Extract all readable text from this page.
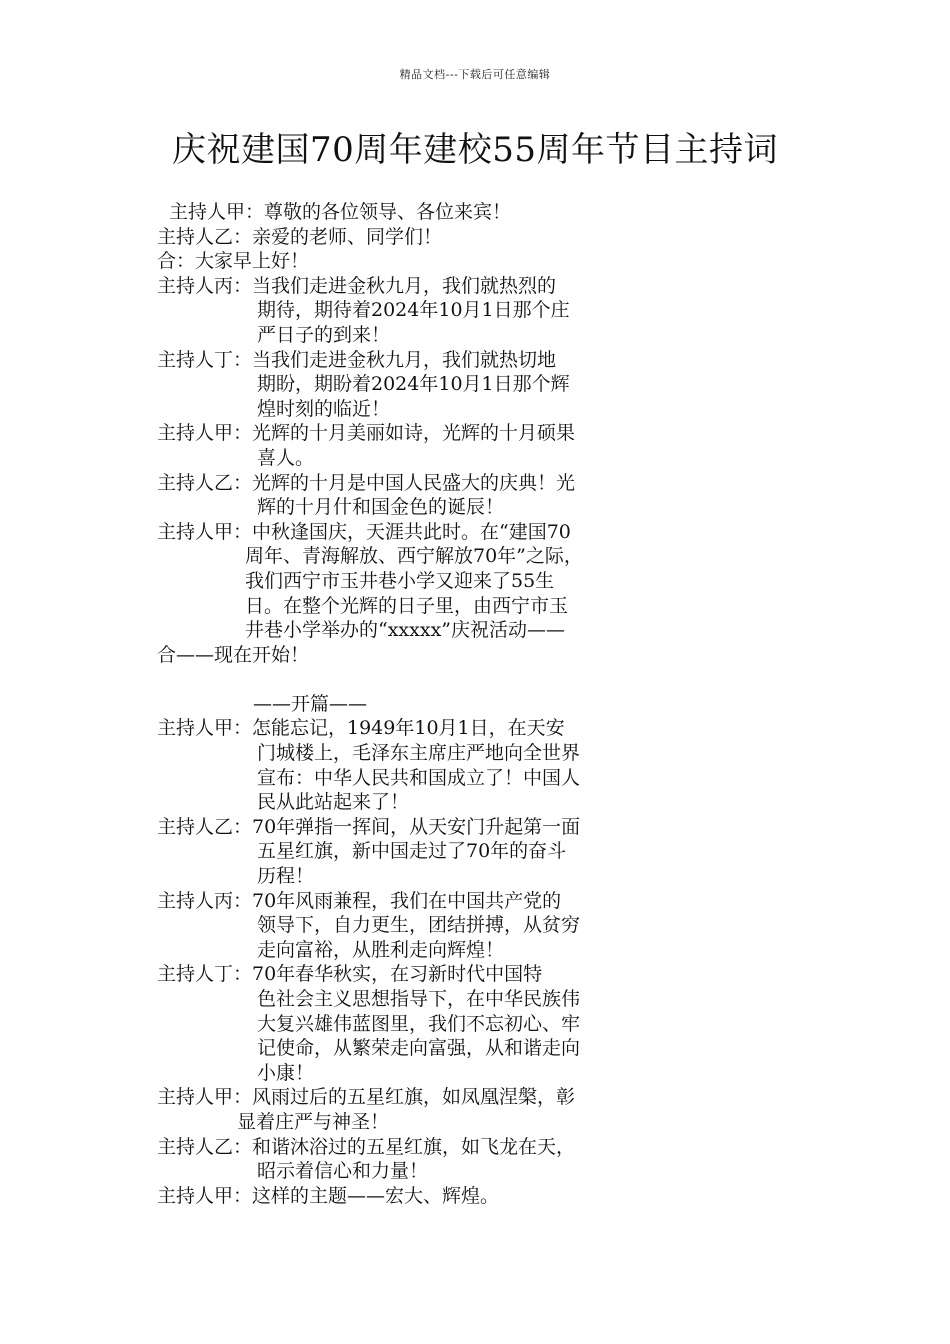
精品文档---下载后可任意编辑
庆祝建国70周年建校55周年节目主持词
主持人甲：尊敬的各位领导、各位来宾！
主持人乙：亲爱的老师、同学们！
合：大家早上好！
主持人丙：当我们走进金秋九月，我们就热烈的
期待，期待着2024年10月1日那个庄
严日子的到来！
主持人丁：当我们走进金秋九月，我们就热切地
期盼，期盼着2024年10月1日那个辉
煌时刻的临近！
主持人甲：光辉的十月美丽如诗，光辉的十月硕果
喜人。
主持人乙：光辉的十月是中国人民盛大的庆典！光
辉的十月什和国金色的诞辰！
主持人甲：中秋逢国庆，天涯共此时。在“建国70
周年、青海解放、西宁解放70年”之际，
我们西宁市玉井巷小学又迎来了55生
日。在整个光辉的日子里，由西宁市玉
井巷小学举办的“xxxxx”庆祝活动——
合——现在开始！
——开篇——
主持人甲：怎能忘记，1949年10月1日，在天安
门城楼上，毛泽东主席庄严地向全世界
宣布：中华人民共和国成立了！中国人
民从此站起来了！
主持人乙：70年弹指一挥间，从天安门升起第一面
五星红旗，新中国走过了70年的奋斗
历程！
主持人丙：70年风雨兼程，我们在中国共产党的
领导下，自力更生，团结拼搏，从贫穷
走向富裕，从胜利走向辉煌！
主持人丁：70年春华秋实，在习新时代中国特
色社会主义思想指导下，在中华民族伟
大复兴雄伟蓝图里，我们不忘初心、牢
记使命，从繁荣走向富强，从和谐走向
小康！
主持人甲：风雨过后的五星红旗，如凤凰涅槃，彰
显着庄严与神圣！
主持人乙：和谐沐浴过的五星红旗，如飞龙在天，
昭示着信心和力量！
主持人甲：这样的主题——宏大、辉煌。
